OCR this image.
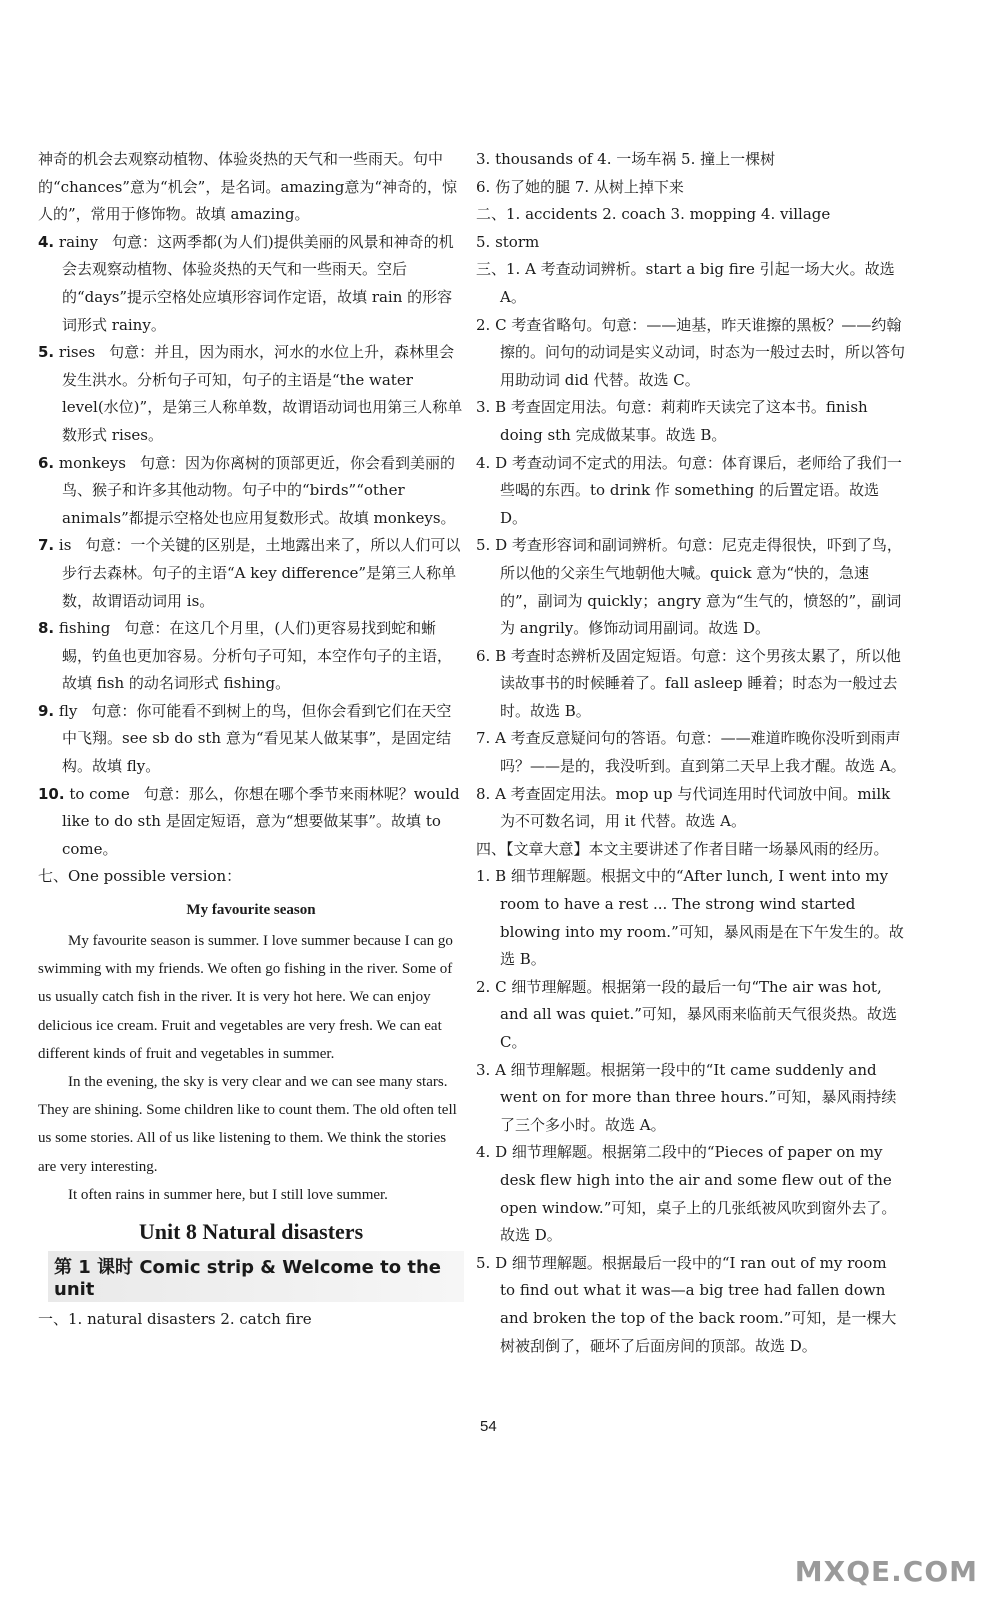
神奇的机会去观察动植物、体验炎热的天气和一些雨天。句中的“chances”意为“机会”，是名词。amazing意为“神奇的，惊人的”，常用于修饰物。故填 amazing。

4. rainy 句意：这两季都(为人们)提供美丽的风景和神奇的机会去观察动植物、体验炎热的天气和一些雨天。空后的“days”提示空格处应填形容词作定语，故填 rain 的形容词形式 rainy。

5. rises 句意：并且，因为雨水，河水的水位上升，森林里会发生洪水。分析句子可知，句子的主语是“the water level(水位)”，是第三人称单数，故谓语动词也用第三人称单数形式 rises。

6. monkeys 句意：因为你离树的顶部更近，你会看到美丽的鸟、猴子和许多其他动物。句子中的“birds”“other animals”都提示空格处也应用复数形式。故填 monkeys。

7. is 句意：一个关键的区别是，土地露出来了，所以人们可以步行去森林。句子的主语“A key difference”是第三人称单数，故谓语动词用 is。

8. fishing 句意：在这几个月里，(人们)更容易找到蛇和蜥蜴，钓鱼也更加容易。分析句子可知，本空作句子的主语，故填 fish 的动名词形式 fishing。

9. fly 句意：你可能看不到树上的鸟，但你会看到它们在天空中飞翔。see sb do sth 意为“看见某人做某事”，是固定结构。故填 fly。

10. to come 句意：那么，你想在哪个季节来雨林呢？would like to do sth 是固定短语，意为“想要做某事”。故填 to come。

七、One possible version：

My favourite season

My favourite season is summer. I love summer because I can go swimming with my friends. We often go fishing in the river. Some of us usually catch fish in the river. It is very hot here. We can enjoy delicious ice cream. Fruit and vegetables are very fresh. We can eat different kinds of fruit and vegetables in summer.

In the evening, the sky is very clear and we can see many stars. They are shining. Some children like to count them. The old often tell us some stories. All of us like listening to them. We think the stories are very interesting.

It often rains in summer here, but I still love summer.

Unit 8 Natural disasters
第 1 课时 Comic strip & Welcome to the unit

一、1. natural disasters 2. catch fire

3. thousands of 4. 一场车祸 5. 撞上一棵树

6. 伤了她的腿 7. 从树上掉下来

二、1. accidents 2. coach 3. mopping 4. village

5. storm

三、1. A 考查动词辨析。start a big fire 引起一场大火。故选 A。

2. C 考查省略句。句意：——迪基，昨天谁擦的黑板？——约翰擦的。问句的动词是实义动词，时态为一般过去时，所以答句用助动词 did 代替。故选 C。

3. B 考查固定用法。句意：莉莉昨天读完了这本书。finish doing sth 完成做某事。故选 B。

4. D 考查动词不定式的用法。句意：体育课后，老师给了我们一些喝的东西。to drink 作 something 的后置定语。故选 D。

5. D 考查形容词和副词辨析。句意：尼克走得很快，吓到了鸟，所以他的父亲生气地朝他大喊。quick 意为“快的，急速的”，副词为 quickly；angry 意为“生气的，愤怒的”，副词为 angrily。修饰动词用副词。故选 D。

6. B 考查时态辨析及固定短语。句意：这个男孩太累了，所以他读故事书的时候睡着了。fall asleep 睡着；时态为一般过去时。故选 B。

7. A 考查反意疑问句的答语。句意：——难道昨晚你没听到雨声吗？——是的，我没听到。直到第二天早上我才醒。故选 A。

8. A 考查固定用法。mop up 与代词连用时代词放中间。milk 为不可数名词，用 it 代替。故选 A。

四、【文章大意】本文主要讲述了作者目睹一场暴风雨的经历。

1. B 细节理解题。根据文中的“After lunch, I went into my room to have a rest ... The strong wind started blowing into my room.”可知，暴风雨是在下午发生的。故选 B。

2. C 细节理解题。根据第一段的最后一句“The air was hot, and all was quiet.”可知，暴风雨来临前天气很炎热。故选 C。

3. A 细节理解题。根据第一段中的“It came suddenly and went on for more than three hours.”可知，暴风雨持续了三个多小时。故选 A。

4. D 细节理解题。根据第二段中的“Pieces of paper on my desk flew high into the air and some flew out of the open window.”可知，桌子上的几张纸被风吹到窗外去了。故选 D。

5. D 细节理解题。根据最后一段中的“I ran out of my room to find out what it was—a big tree had fallen down and broken the top of the back room.”可知，是一棵大树被刮倒了，砸坏了后面房间的顶部。故选 D。

54
MXQE.COM
